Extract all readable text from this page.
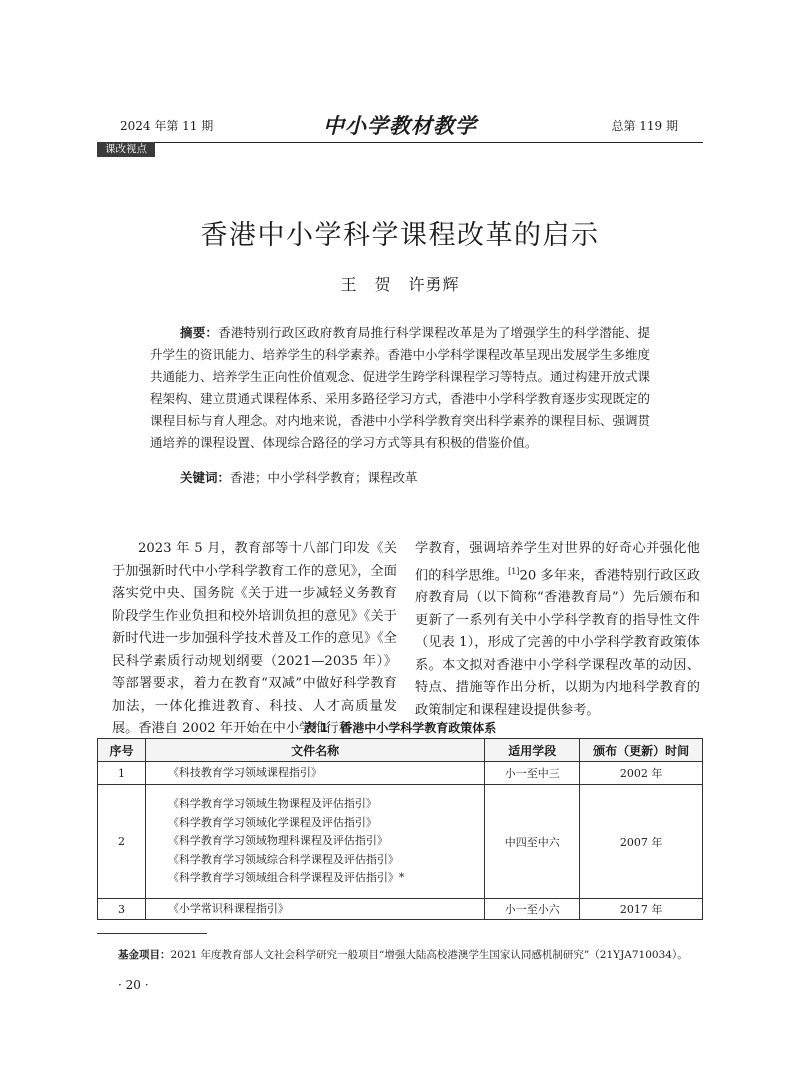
2024 年第 11 期	中小学教材教学	总第 119 期
课改视点
香港中小学科学课程改革的启示
王　贺　许勇辉

摘要：香港特别行政区政府教育局推行科学课程改革是为了增强学生的科学潜能、提升学生的资讯能力、培养学生的科学素养。香港中小学科学课程改革呈现出发展学生多维度共通能力、培养学生正向性价值观念、促进学生跨学科课程学习等特点。通过构建开放式课程架构、建立贯通式课程体系、采用多路径学习方式，香港中小学科学教育逐步实现既定的课程目标与育人理念。对内地来说，香港中小学科学教育突出科学素养的课程目标、强调贯通培养的课程设置、体现综合路径的学习方式等具有积极的借鉴价值。

关键词：香港；中小学科学教育；课程改革

2023 年 5 月，教育部等十八部门印发《关于加强新时代中小学科学教育工作的意见》，全面落实党中央、国务院《关于进一步减轻义务教育阶段学生作业负担和校外培训负担的意见》《关于新时代进一步加强科学技术普及工作的意见》《全民科学素质行动规划纲要（2021—2035 年）》等部署要求，着力在教育“双减”中做好科学教育加法，一体化推进教育、科技、人才高质量发展。香港自 2002 年开始在中小学推行科

学教育，强调培养学生对世界的好奇心并强化他们的科学思维。[1]20 多年来，香港特别行政区政府教育局（以下简称“香港教育局”）先后颁布和更新了一系列有关中小学科学教育的指导性文件（见表 1），形成了完善的中小学科学教育政策体系。本文拟对香港中小学科学课程改革的动因、特点、措施等作出分析，以期为内地科学教育的政策制定和课程建设提供参考。

表 1　香港中小学科学教育政策体系
序号	文件名称	适用学段	颁布（更新）时间
1	《科技教育学习领域课程指引》	小一至中三	2002 年
2	《科学教育学习领域生物课程及评估指引》
《科学教育学习领域化学课程及评估指引》
《科学教育学习领域物理科课程及评估指引》
《科学教育学习领域综合科学课程及评估指引》
《科学教育学习领域组合科学课程及评估指引》*	中四至中六	2007 年
3	《小学常识科课程指引》	小一至小六	2017 年
基金项目：2021 年度教育部人文社会科学研究一般项目“增强大陆高校港澳学生国家认同感机制研究”（21YJA710034）。
· 20 ·
